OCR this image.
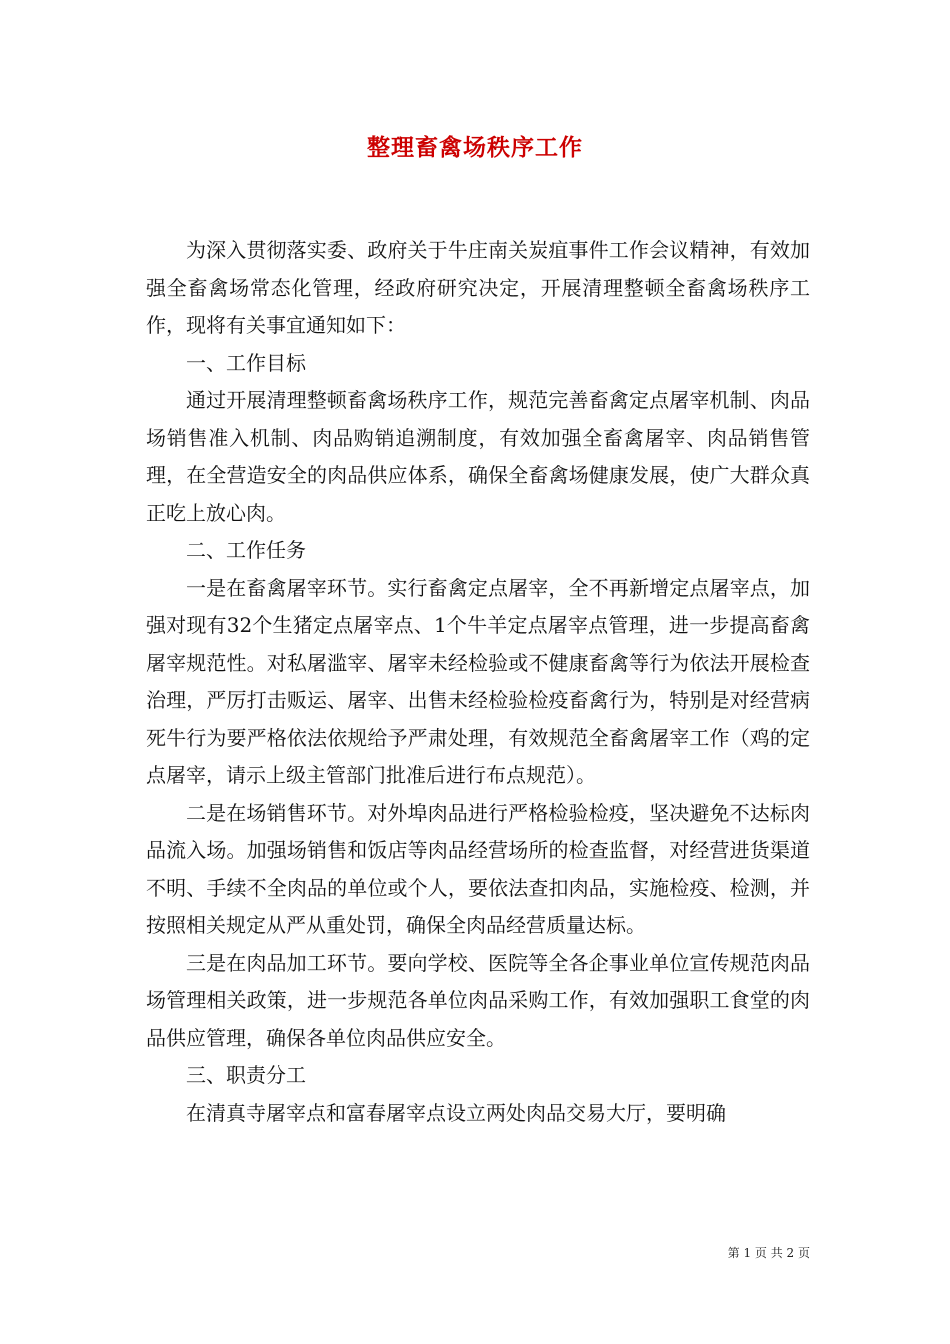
整理畜禽场秩序工作

为深入贯彻落实委、政府关于牛庄南关炭疽事件工作会议精神，有效加强全畜禽场常态化管理，经政府研究决定，开展清理整顿全畜禽场秩序工作，现将有关事宜通知如下：

一、工作目标

通过开展清理整顿畜禽场秩序工作，规范完善畜禽定点屠宰机制、肉品场销售准入机制、肉品购销追溯制度，有效加强全畜禽屠宰、肉品销售管理，在全营造安全的肉品供应体系，确保全畜禽场健康发展，使广大群众真正吃上放心肉。

二、工作任务

一是在畜禽屠宰环节。实行畜禽定点屠宰，全不再新增定点屠宰点，加强对现有32个生猪定点屠宰点、1个牛羊定点屠宰点管理，进一步提高畜禽屠宰规范性。对私屠滥宰、屠宰未经检验或不健康畜禽等行为依法开展检查治理，严厉打击贩运、屠宰、出售未经检验检疫畜禽行为，特别是对经营病死牛行为要严格依法依规给予严肃处理，有效规范全畜禽屠宰工作（鸡的定点屠宰，请示上级主管部门批准后进行布点规范）。

二是在场销售环节。对外埠肉品进行严格检验检疫，坚决避免不达标肉品流入场。加强场销售和饭店等肉品经营场所的检查监督，对经营进货渠道不明、手续不全肉品的单位或个人，要依法查扣肉品，实施检疫、检测，并按照相关规定从严从重处罚，确保全肉品经营质量达标。

三是在肉品加工环节。要向学校、医院等全各企事业单位宣传规范肉品场管理相关政策，进一步规范各单位肉品采购工作，有效加强职工食堂的肉品供应管理，确保各单位肉品供应安全。

三、职责分工

在清真寺屠宰点和富春屠宰点设立两处肉品交易大厅，要明确

第 1 页 共 2 页
